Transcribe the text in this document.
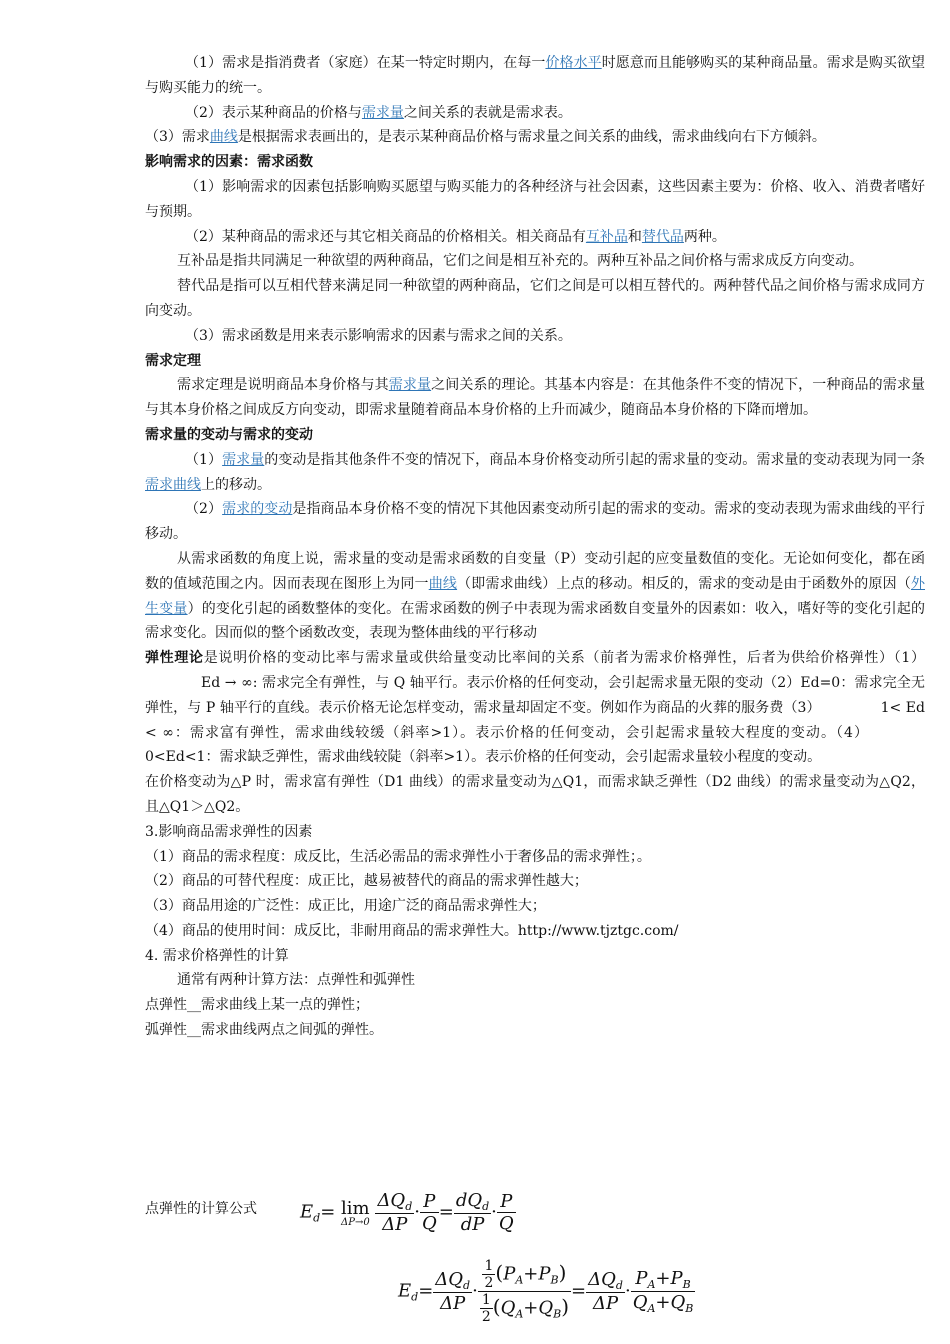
（1）需求是指消费者（家庭）在某一特定时期内，在每一价格水平时愿意而且能够购买的某种商品量。需求是购买欲望与购买能力的统一。

（2）表示某种商品的价格与需求量之间关系的表就是需求表。

（3）需求曲线是根据需求表画出的，是表示某种商品价格与需求量之间关系的曲线，需求曲线向右下方倾斜。

影响需求的因素：需求函数

（1）影响需求的因素包括影响购买愿望与购买能力的各种经济与社会因素，这些因素主要为：价格、收入、消费者嗜好与预期。

（2）某种商品的需求还与其它相关商品的价格相关。相关商品有互补品和替代品两种。

互补品是指共同满足一种欲望的两种商品，它们之间是相互补充的。两种互补品之间价格与需求成反方向变动。

替代品是指可以互相代替来满足同一种欲望的两种商品，它们之间是可以相互替代的。两种替代品之间价格与需求成同方向变动。

（3）需求函数是用来表示影响需求的因素与需求之间的关系。

需求定理

需求定理是说明商品本身价格与其需求量之间关系的理论。其基本内容是：在其他条件不变的情况下，一种商品的需求量与其本身价格之间成反方向变动，即需求量随着商品本身价格的上升而减少，随商品本身价格的下降而增加。

需求量的变动与需求的变动

（1）需求量的变动是指其他条件不变的情况下，商品本身价格变动所引起的需求量的变动。需求量的变动表现为同一条需求曲线上的移动。

（2）需求的变动是指商品本身价格不变的情况下其他因素变动所引起的需求的变动。需求的变动表现为需求曲线的平行移动。

从需求函数的角度上说，需求量的变动是需求函数的自变量（P）变动引起的应变量数值的变化。无论如何变化，都在函数的值域范围之内。因而表现在图形上为同一曲线（即需求曲线）上点的移动。相反的，需求的变动是由于函数外的原因（外生变量）的变化引起的函数整体的变化。在需求函数的例子中表现为需求函数自变量外的因素如：收入，嗜好等的变化引起的需求变化。因而似的整个函数改变，表现为整体曲线的平行移动

弹性理论是说明价格的变动比率与需求量或供给量变动比率间的关系（前者为需求价格弹性，后者为供给价格弹性）（1）Ed → ∞: 需求完全有弹性，与 Q 轴平行。表示价格的任何变动，会引起需求量无限的变动（2）Ed=0：需求完全无弹性，与 P 轴平行的直线。表示价格无论怎样变动，需求量却固定不变。例如作为商品的火葬的服务费（3）	1< Ed < ∞：需求富有弹性，需求曲线较缓（斜率>1）。表示价格的任何变动，会引起需求量较大程度的变动。（4）0<Ed<1：需求缺乏弹性，需求曲线较陡（斜率>1）。表示价格的任何变动，会引起需求量较小程度的变动。

在价格变动为△P 时，需求富有弹性（D1 曲线）的需求量变动为△Q1，而需求缺乏弹性（D2 曲线）的需求量变动为△Q2，且△Q1＞△Q2。

3.影响商品需求弹性的因素

（1）商品的需求程度：成反比，生活必需品的需求弹性小于奢侈品的需求弹性；。

（2）商品的可替代程度：成正比，越易被替代的商品的需求弹性越大；

（3）商品用途的广泛性：成正比，用途广泛的商品需求弹性大；

（4）商品的使用时间：成反比，非耐用商品的需求弹性大。http://www.tjztgc.com/

4. 需求价格弹性的计算

通常有两种计算方法：点弹性和弧弹性

点弹性__需求曲线上某一点的弹性；

弧弹性__需求曲线两点之间弧的弹性。

点弹性的计算公式 $E_d= \lim$
ΔP→0
$\frac{\Delta Q_d}{\Delta P} \cdot \frac{P}{Q} = \frac{dQ_d}{dP} \cdot \frac{P}{Q}$
$E_d= \frac{\Delta Q_d}{\Delta P} \cdot \frac{\frac{1}{2} (P_A+P_B)}{\frac{1}{2} (Q_A+Q_B)} = \frac{\Delta Q_d}{\Delta P} \cdot \frac{P_A+P_B}{Q_A+Q_B}$
